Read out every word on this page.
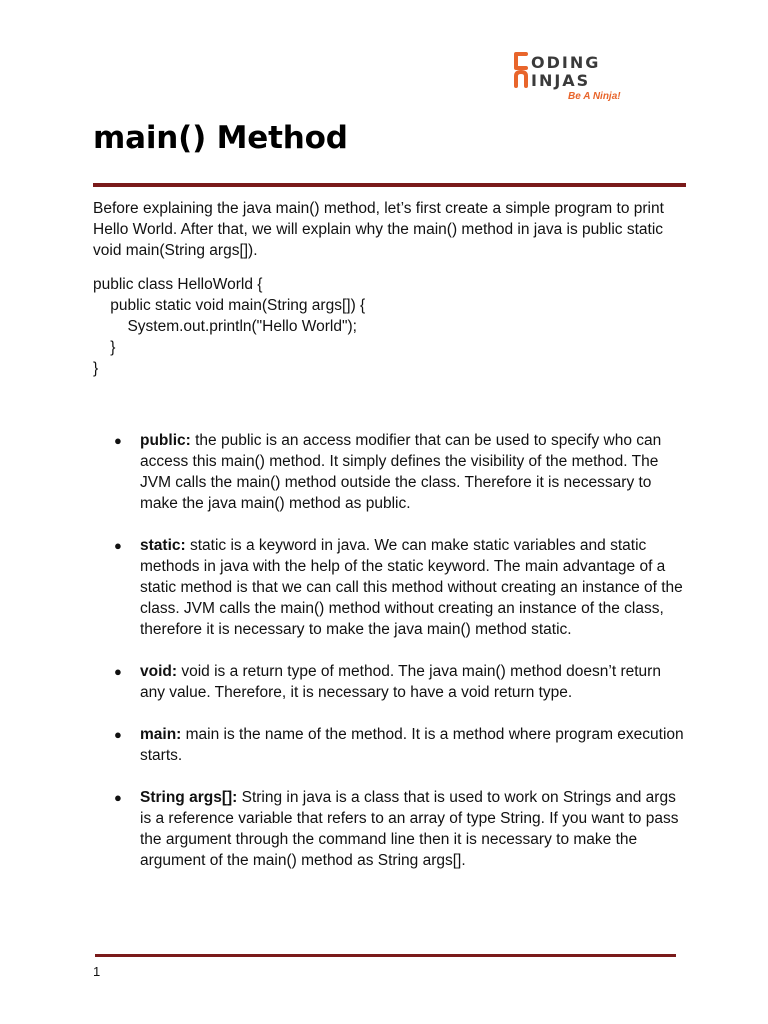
ODING
INJAS
Be A Ninja!
main() Method

Before explaining the java main() method, let’s first create a simple program to print Hello World. After that, we will explain why the main() method in java is public static void main(String args[]).

public class HelloWorld {
public static void main(String args[]) {
System.out.println("Hello World");
}
}
● public: the public is an access modifier that can be used to specify who can access this main() method. It simply defines the visibility of the method. The JVM calls the main() method outside the class. Therefore it is necessary to make the java main() method as public.
● static: static is a keyword in java. We can make static variables and static methods in java with the help of the static keyword. The main advantage of a static method is that we can call this method without creating an instance of the class. JVM calls the main() method without creating an instance of the class, therefore it is necessary to make the java main() method static.
● void: void is a return type of method. The java main() method doesn’t return any value. Therefore, it is necessary to have a void return type.
● main: main is the name of the method. It is a method where program execution starts.
● String args[]: String in java is a class that is used to work on Strings and args is a reference variable that refers to an array of type String. If you want to pass the argument through the command line then it is necessary to make the argument of the main() method as String args[].
1
